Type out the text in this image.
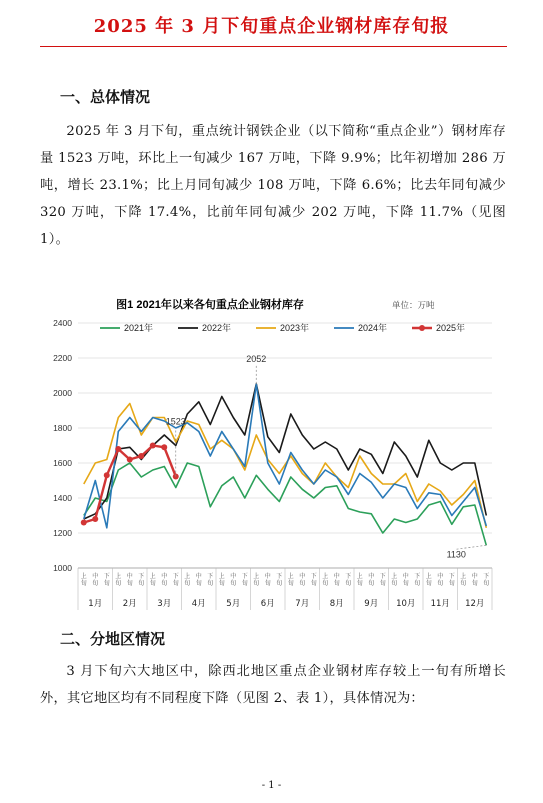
2025 年 3 月下旬重点企业钢材库存旬报
一、总体情况
2025 年 3 月下旬，重点统计钢铁企业（以下简称“重点企业”）钢材库存量 1523 万吨，环比上一旬减少 167 万吨，下降 9.9%；比年初增加 286 万吨，增长 23.1%；比上月同旬减少 108 万吨，下降 6.6%；比去年同旬减少 320 万吨，下降 17.4%，比前年同旬减少 202 万吨，下降 11.7%（见图 1）。
图1 2021年以来各旬重点企业钢材库存	单位：万吨
2021年	2022年	2023年	2024年	2025年
1000
1200
1400
1600
1800
2000
2200
2400
上旬
中旬
下旬
上旬
中旬
下旬
上旬
中旬
下旬
上旬
中旬
下旬
上旬
中旬
下旬
上旬
中旬
下旬
上旬
中旬
下旬
上旬
中旬
下旬
上旬
中旬
下旬
上旬
中旬
下旬
上旬
中旬
下旬
上旬
中旬
下旬
1月 2月 3月 4月 5月 6月 7月 8月 9月 10月 11月 12月
1523
2052
1130
二、分地区情况
3 月下旬六大地区中，除西北地区重点企业钢材库存较上一旬有所增长外，其它地区均有不同程度下降（见图 2、表 1），具体情况为：
- 1 -
